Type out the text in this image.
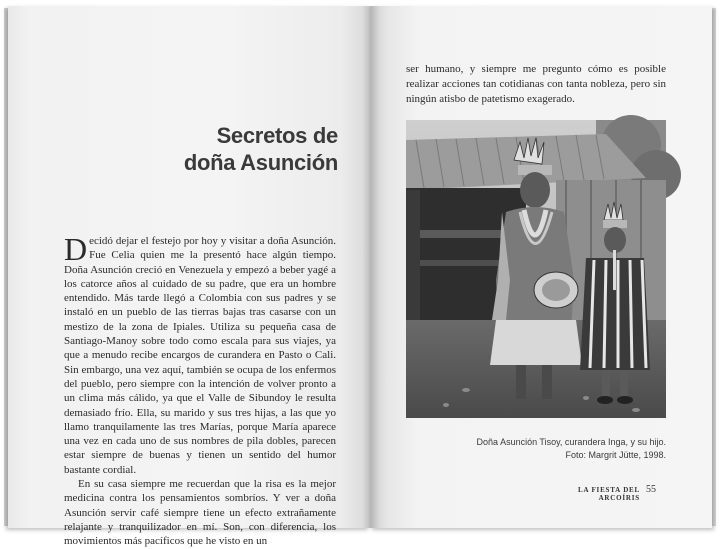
Secretos de
doña Asunción

Decidó dejar el festejo por hoy y visitar a doña Asunción. Fue Celia quien me la presentó hace algún tiempo. Doña Asunción creció en Venezuela y empezó a beber yagé a los catorce años al cuidado de su padre, que era un hombre entendido. Más tarde llegó a Colombia con sus padres y se instaló en un pueblo de las tierras bajas tras casarse con un mestizo de la zona de Ipiales. Utiliza su pequeña casa de Santiago-Manoy sobre todo como escala para sus viajes, ya que a menudo recibe encargos de curandera en Pasto o Cali. Sin embargo, una vez aquí, también se ocupa de los enfermos del pueblo, pero siempre con la intención de volver pronto a un clima más cálido, ya que el Valle de Sibundoy le resulta demasiado frío. Ella, su marido y sus tres hijas, a las que yo llamo tranquilamente las tres Marías, porque María aparece una vez en cada uno de sus nombres de pila dobles, parecen estar siempre de buenas y tienen un sentido del humor bastante cordial.

En su casa siempre me recuerdan que la risa es la mejor medicina contra los pensamientos sombríos. Y ver a doña Asunción servir café siempre tiene un efecto extrañamente relajante y tranquilizador en mí. Son, con diferencia, los movimientos más pacíficos que he visto en un

ser humano, y siempre me pregunto cómo es posible realizar acciones tan cotidianas con tanta nobleza, pero sin ningún atisbo de patetismo exagerado.

Doña Asunción Tisoy, curandera Inga, y su hijo.
Foto: Margrit Jütte, 1998.
LA FIESTA DEL ARCOÍRIS
55
